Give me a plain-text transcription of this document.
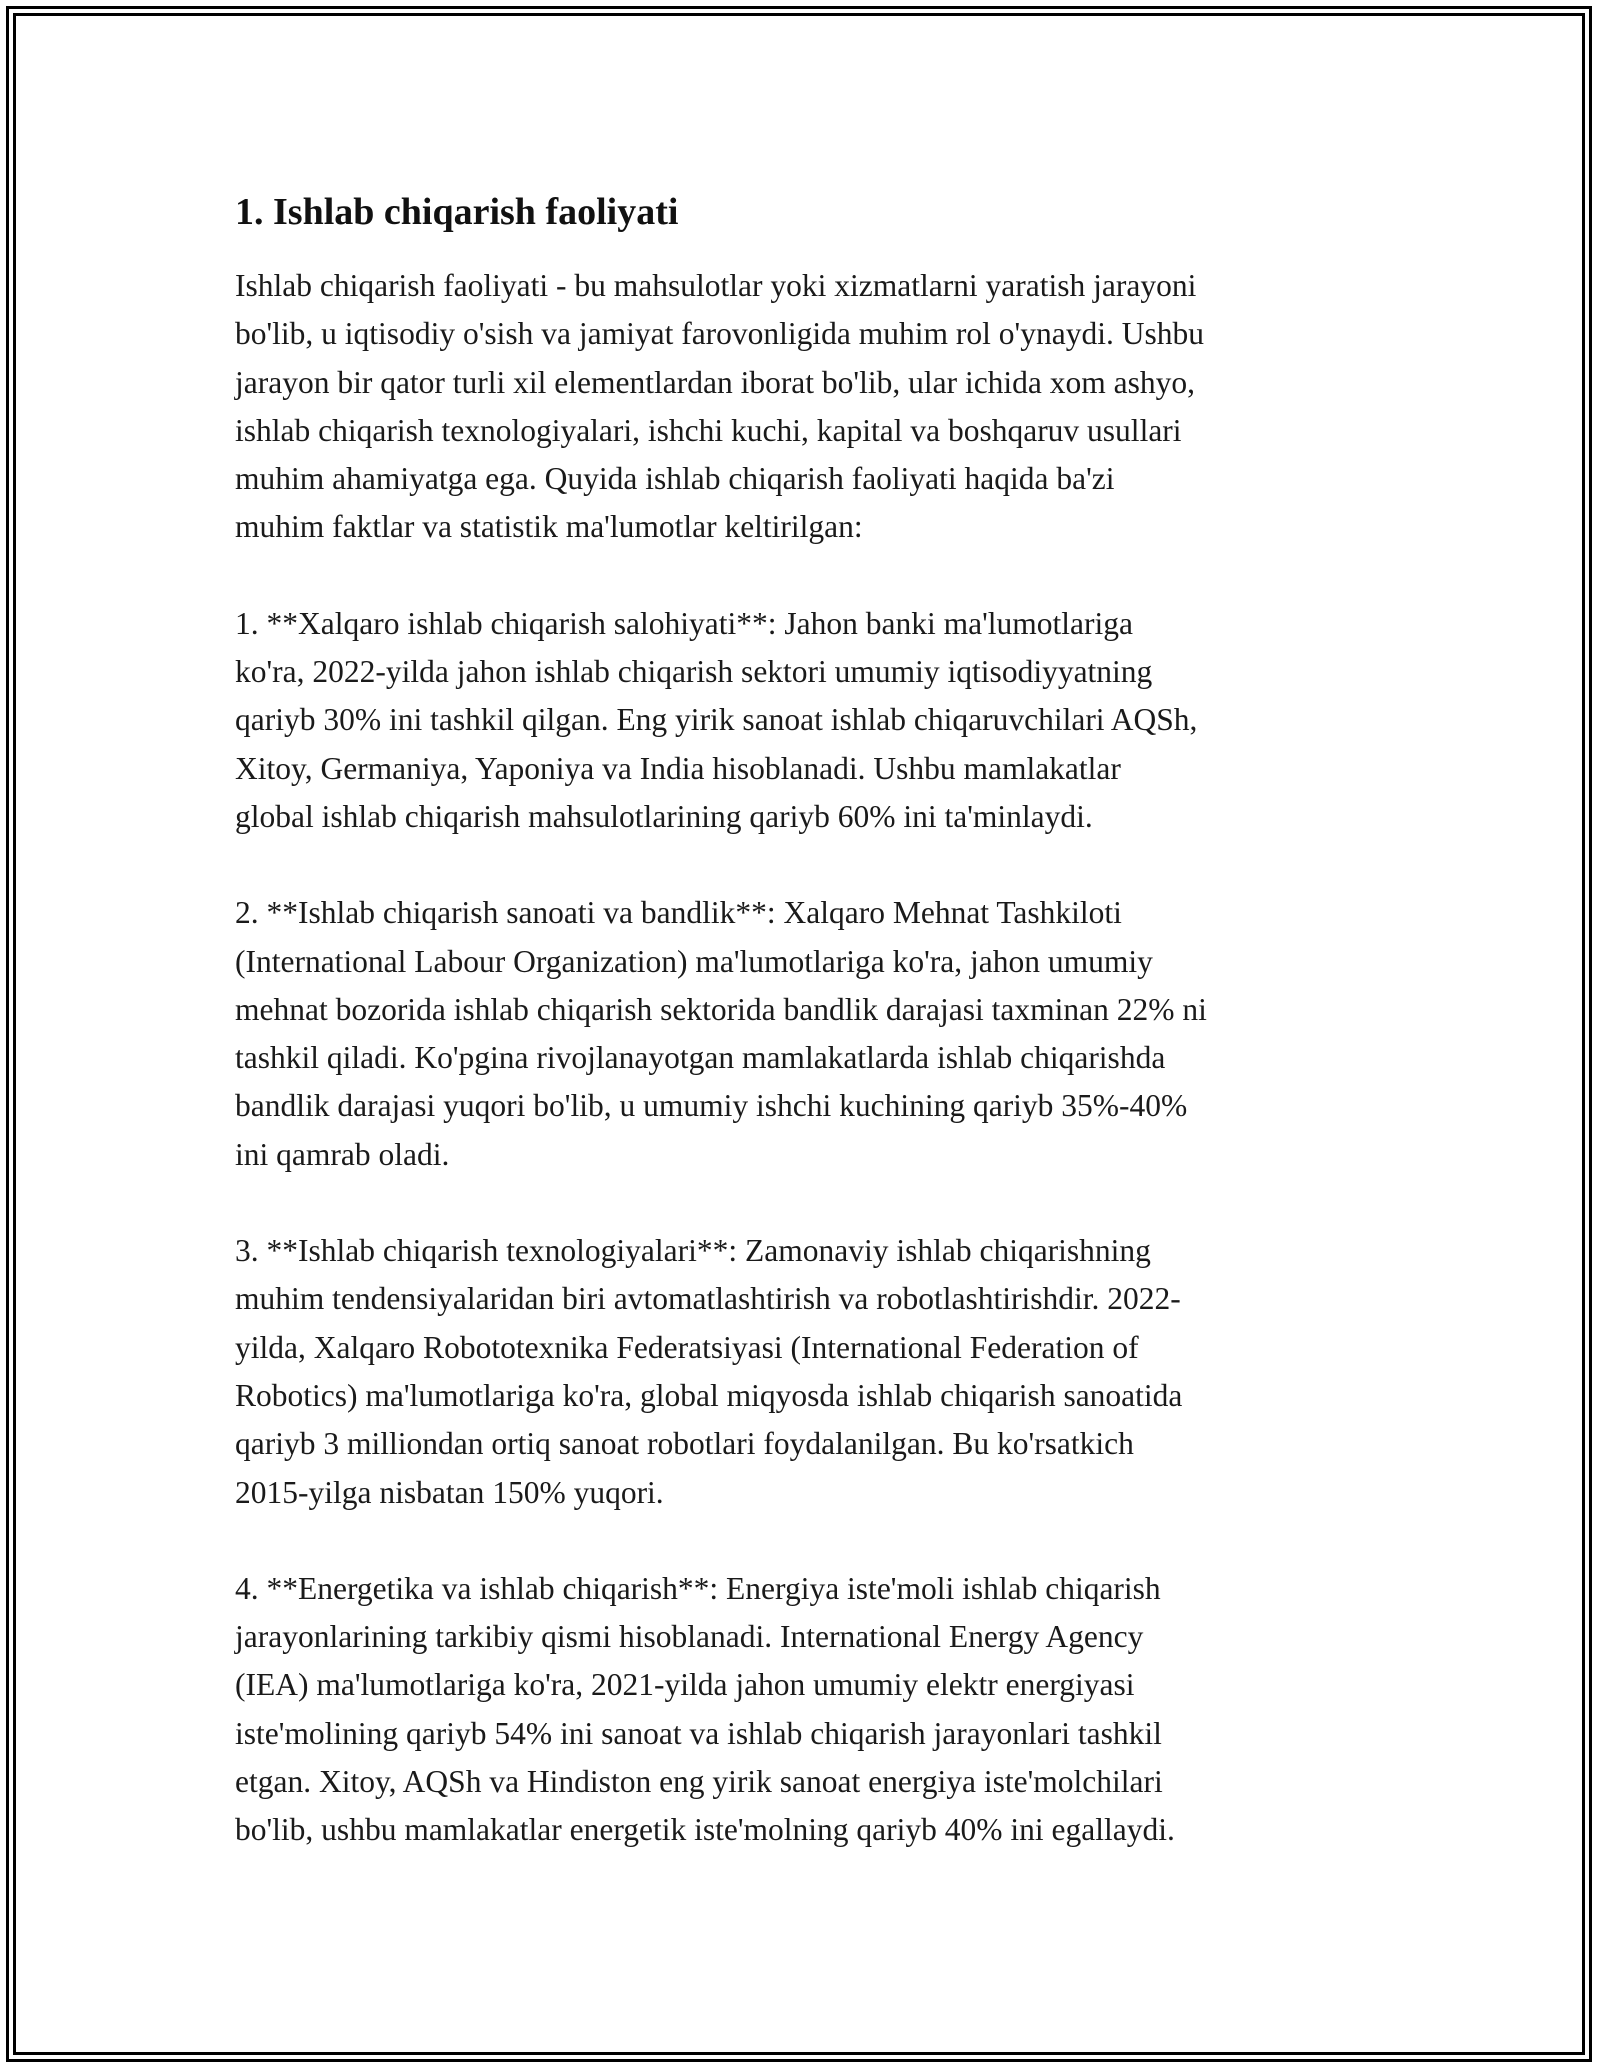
1. Ishlab chiqarish faoliyati

Ishlab chiqarish faoliyati - bu mahsulotlar yoki xizmatlarni yaratish jarayoni
bo'lib, u iqtisodiy o'sish va jamiyat farovonligida muhim rol o'ynaydi. Ushbu
jarayon bir qator turli xil elementlardan iborat bo'lib, ular ichida xom ashyo,
ishlab chiqarish texnologiyalari, ishchi kuchi, kapital va boshqaruv usullari
muhim ahamiyatga ega. Quyida ishlab chiqarish faoliyati haqida ba'zi
muhim faktlar va statistik ma'lumotlar keltirilgan:

1. **Xalqaro ishlab chiqarish salohiyati**: Jahon banki ma'lumotlariga
ko'ra, 2022-yilda jahon ishlab chiqarish sektori umumiy iqtisodiyyatning
qariyb 30% ini tashkil qilgan. Eng yirik sanoat ishlab chiqaruvchilari AQSh,
Xitoy, Germaniya, Yaponiya va India hisoblanadi. Ushbu mamlakatlar
global ishlab chiqarish mahsulotlarining qariyb 60% ini ta'minlaydi.

2. **Ishlab chiqarish sanoati va bandlik**: Xalqaro Mehnat Tashkiloti
(International Labour Organization) ma'lumotlariga ko'ra, jahon umumiy
mehnat bozorida ishlab chiqarish sektorida bandlik darajasi taxminan 22% ni
tashkil qiladi. Ko'pgina rivojlanayotgan mamlakatlarda ishlab chiqarishda
bandlik darajasi yuqori bo'lib, u umumiy ishchi kuchining qariyb 35%-40%
ini qamrab oladi.

3. **Ishlab chiqarish texnologiyalari**: Zamonaviy ishlab chiqarishning
muhim tendensiyalaridan biri avtomatlashtirish va robotlashtirishdir. 2022-
yilda, Xalqaro Robototexnika Federatsiyasi (International Federation of
Robotics) ma'lumotlariga ko'ra, global miqyosda ishlab chiqarish sanoatida
qariyb 3 milliondan ortiq sanoat robotlari foydalanilgan. Bu ko'rsatkich
2015-yilga nisbatan 150% yuqori.

4. **Energetika va ishlab chiqarish**: Energiya iste'moli ishlab chiqarish
jarayonlarining tarkibiy qismi hisoblanadi. International Energy Agency
(IEA) ma'lumotlariga ko'ra, 2021-yilda jahon umumiy elektr energiyasi
iste'molining qariyb 54% ini sanoat va ishlab chiqarish jarayonlari tashkil
etgan. Xitoy, AQSh va Hindiston eng yirik sanoat energiya iste'molchilari
bo'lib, ushbu mamlakatlar energetik iste'molning qariyb 40% ini egallaydi.
